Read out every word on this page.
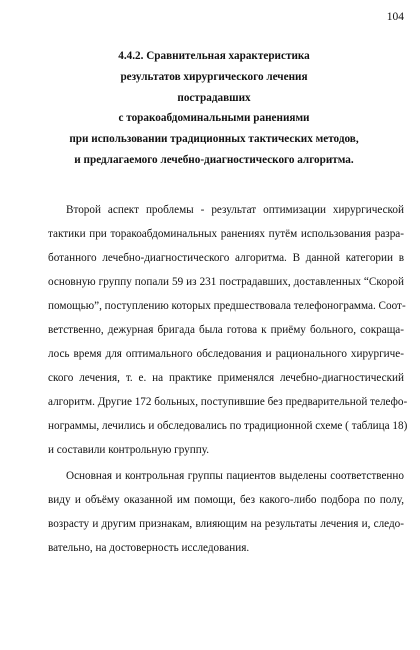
104
4.4.2. Сравнительная характеристика
результатов хирургического лечения
пострадавших
с торакоабдоминальными ранениями
при использовании традиционных тактических методов,
и предлагаемого лечебно-диагностического алгоритма.
Второй аспект проблемы - результат оптимизации хирургической
тактики при торакоабдоминальных ранениях путём использования разра-
ботанного лечебно-диагностического алгоритма. В данной категории в
основную группу попали 59 из 231 пострадавших, доставленных “Скорой
помощью”, поступлению которых предшествовала телефонограмма. Соот-
ветственно, дежурная бригада была готова к приёму больного, сокраща-
лось время для оптимального обследования и рационального хирургиче-
ского лечения, т. е. на практике применялся лечебно-диагностический
алгоритм. Другие 172 больных, поступившие без предварительной телефо-
нограммы, лечились и обследовались по традиционной схеме ( таблица 18)
и составили контрольную группу.
Основная и контрольная группы пациентов выделены соответственно
виду и объёму оказанной им помощи, без какого-либо подбора по полу,
возрасту и другим признакам, влияющим на результаты лечения и, следо-
вательно, на достоверность исследования.
